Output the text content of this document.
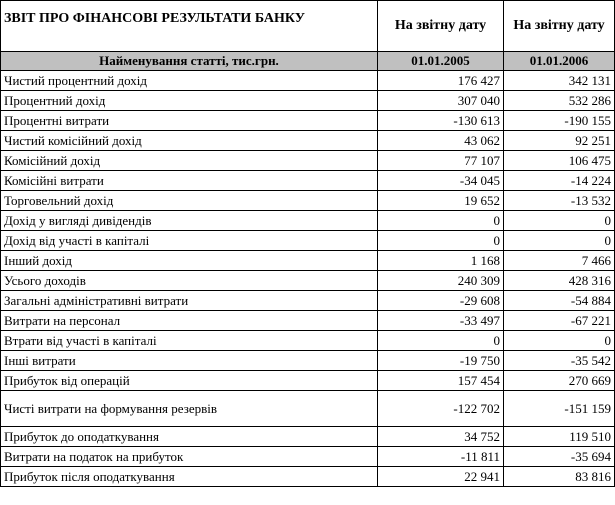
ЗВІТ ПРО ФІНАНСОВІ РЕЗУЛЬТАТИ БАНКУ	На звітну дату	На звітну дату
Найменування статті, тис.грн.	01.01.2005	01.01.2006
Чистий процентний дохід	176 427	342 131
Процентний дохід	307 040	532 286
Процентні витрати	-130 613	-190 155
Чистий комісійний дохід	43 062	92 251
Комісійний дохід	77 107	106 475
Комісійні витрати	-34 045	-14 224
Торговельний дохід	19 652	-13 532
Дохід у вигляді дивідендів	0	0
Дохід від участі в капіталі	0	0
Інший дохід	1 168	7 466
Усього доходів	240 309	428 316
Загальні адміністративні витрати	-29 608	-54 884
Витрати на персонал	-33 497	-67 221
Втрати від участі в капіталі	0	0
Інші витрати	-19 750	-35 542
Прибуток від операцій	157 454	270 669
Чисті витрати на формування резервів	-122 702	-151 159
Прибуток до оподаткування	34 752	119 510
Витрати на податок на прибуток	-11 811	-35 694
Прибуток після оподаткування	22 941	83 816
